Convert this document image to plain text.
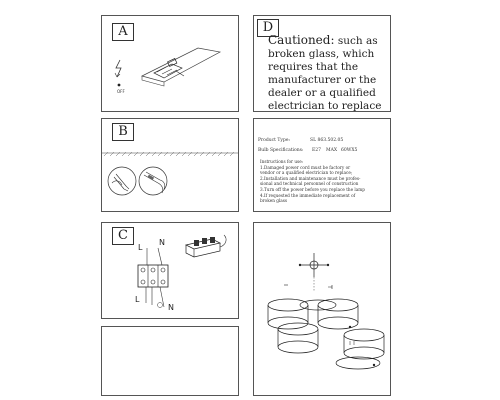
A
OFF
D
Cautioned: such as
broken glass, which
requires that the
manufacturer or the
dealer or a qualified
electrician to replace
B
Product Type:	SL 863.502.05
Bulb Specifications: E27 MAX 60WX5
Instructions for use:
1.Damaged power cord must be factory or
vendor or a qualified electrician to replace;
2.Installation and maintenance must be profes-
sional and technical personnel of construction
3.Turn off the power before you replace the lamp
4.If requested the immediate replacement of
broken glass
C
L
N
L
N
